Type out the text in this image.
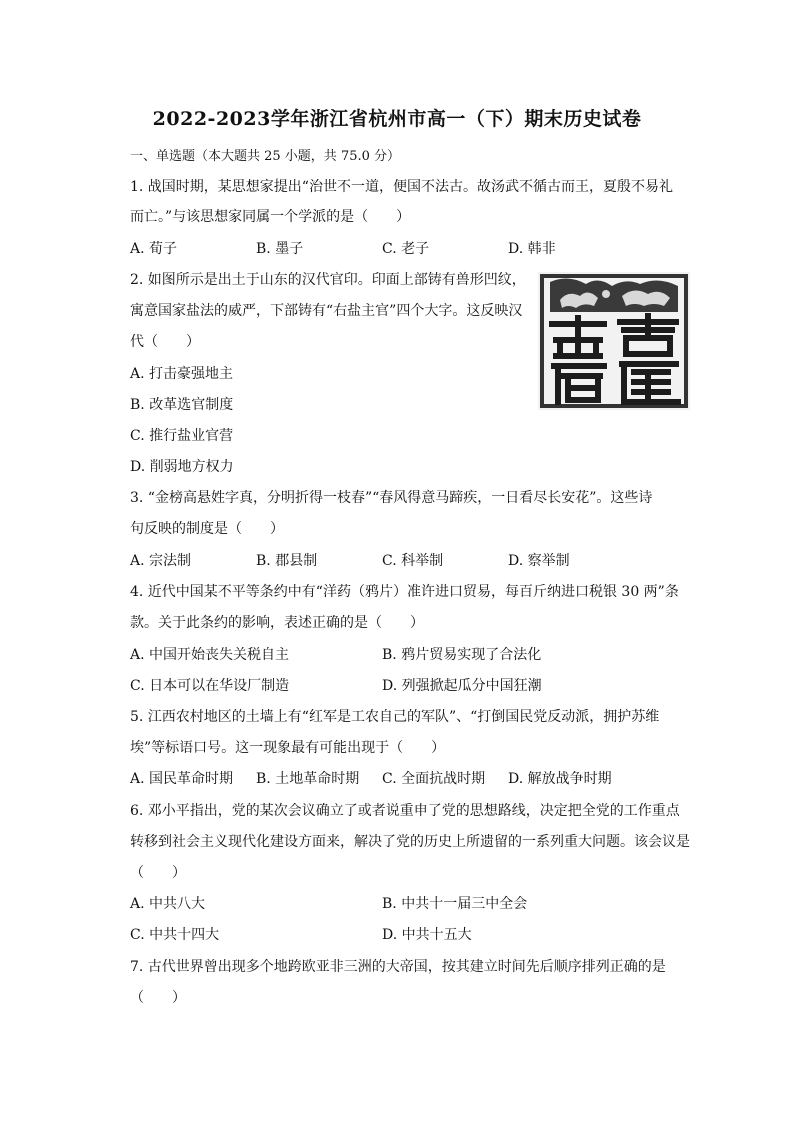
2022-2023学年浙江省杭州市高一（下）期末历史试卷
一、单选题（本大题共 25 小题，共 75.0 分）
1. 战国时期，某思想家提出“治世不一道，便国不法古。故汤武不循古而王，夏殷不易礼
而亡。”与该思想家同属一个学派的是（　　）
A. 荀子	B. 墨子	C. 老子	D. 韩非
2. 如图所示是出土于山东的汉代官印。印面上部铸有兽形凹纹，
寓意国家盐法的威严，下部铸有“右盐主官”四个大字。这反映汉
代（　　）
A. 打击豪强地主
B. 改革选官制度
C. 推行盐业官营
D. 削弱地方权力
3. “金榜高悬姓字真，分明折得一枝春”“春风得意马蹄疾，一日看尽长安花”。这些诗
句反映的制度是（　　）
A. 宗法制	B. 郡县制	C. 科举制	D. 察举制
4. 近代中国某不平等条约中有“洋药（鸦片）准许进口贸易，每百斤纳进口税银 30 两”条
款。关于此条约的影响，表述正确的是（　　）
A. 中国开始丧失关税自主	B. 鸦片贸易实现了合法化
C. 日本可以在华设厂制造	D. 列强掀起瓜分中国狂潮
5. 江西农村地区的土墙上有“红军是工农自己的军队”、“打倒国民党反动派，拥护苏维
埃”等标语口号。这一现象最有可能出现于（　　）
A. 国民革命时期 B. 土地革命时期 C. 全面抗战时期 D. 解放战争时期
6. 邓小平指出，党的某次会议确立了或者说重申了党的思想路线，决定把全党的工作重点
转移到社会主义现代化建设方面来，解决了党的历史上所遗留的一系列重大问题。该会议是
（　　）
A. 中共八大	B. 中共十一届三中全会
C. 中共十四大	D. 中共十五大
7. 古代世界曾出现多个地跨欧亚非三洲的大帝国，按其建立时间先后顺序排列正确的是
（　　）
